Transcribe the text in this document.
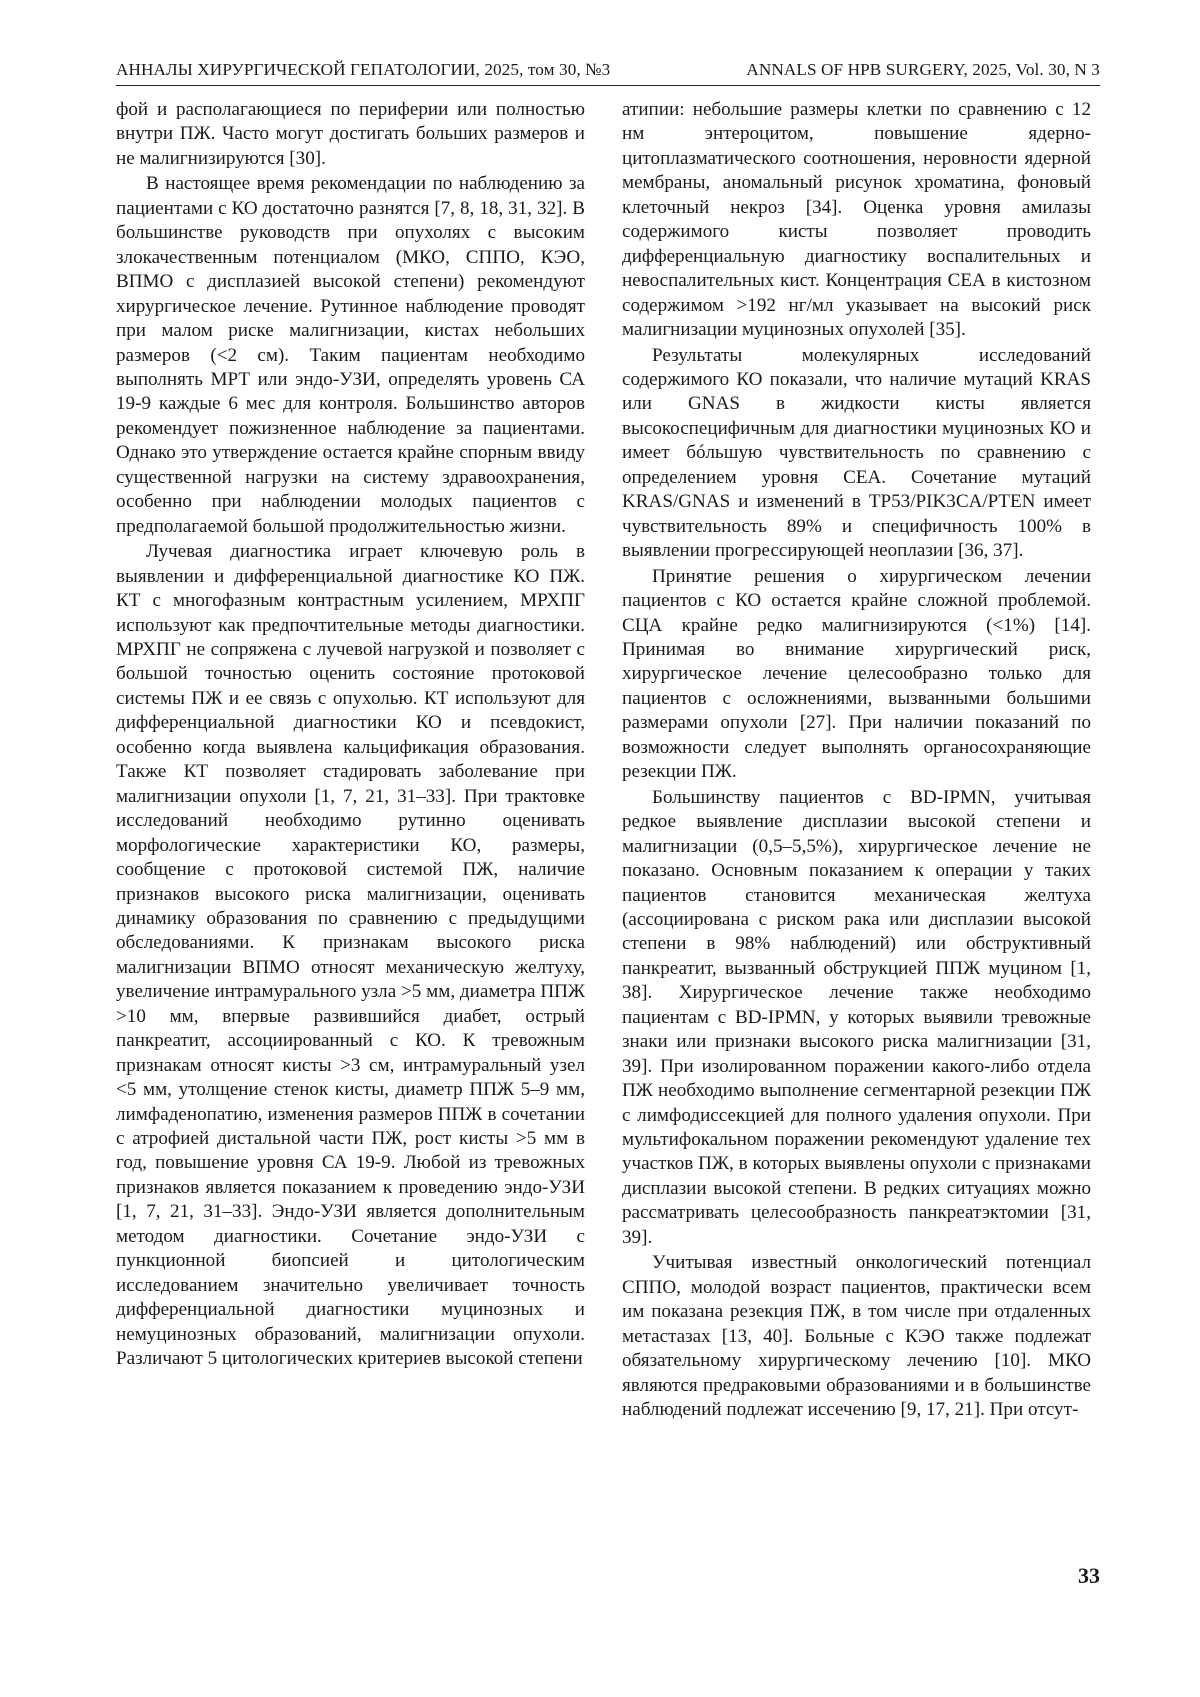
АННАЛЫ ХИРУРГИЧЕСКОЙ ГЕПАТОЛОГИИ, 2025, том 30, №3	ANNALS OF HPB SURGERY, 2025, Vol. 30, N 3

фой и располагающиеся по периферии или полностью внутри ПЖ. Часто могут достигать больших размеров и не малигнизируются [30].

В настоящее время рекомендации по наблюдению за пациентами с КО достаточно разнятся [7, 8, 18, 31, 32]. В большинстве руководств при опухолях с высоким злокачественным потенциалом (МКО, СППО, КЭО, ВПМО с дисплазией высокой степени) рекомендуют хирургическое лечение. Рутинное наблюдение проводят при малом риске малигнизации, кистах небольших размеров (<2 см). Таким пациентам необходимо выполнять МРТ или эндо-УЗИ, определять уровень СА 19-9 каждые 6 мес для контроля. Большинство авторов рекомендует пожизненное наблюдение за пациентами. Однако это утверждение остается крайне спорным ввиду существенной нагрузки на систему здравоохранения, особенно при наблюдении молодых пациентов с предполагаемой большой продолжительностью жизни.

Лучевая диагностика играет ключевую роль в выявлении и дифференциальной диагностике КО ПЖ. КТ с многофазным контрастным усилением, МРХПГ используют как предпочтительные методы диагностики. МРХПГ не сопряжена с лучевой нагрузкой и позволяет с большой точностью оценить состояние протоковой системы ПЖ и ее связь с опухолью. КТ используют для дифференциальной диагностики КО и псевдокист, особенно когда выявлена кальцификация образования. Также КТ позволяет стадировать заболевание при малигнизации опухоли [1, 7, 21, 31–33]. При трактовке исследований необходимо рутинно оценивать морфологические характеристики КО, размеры, сообщение с протоковой системой ПЖ, наличие признаков высокого риска малигнизации, оценивать динамику образования по сравнению с предыдущими обследованиями. К признакам высокого риска малигнизации ВПМО относят механическую желтуху, увеличение интрамурального узла >5 мм, диаметра ППЖ >10 мм, впервые развившийся диабет, острый панкреатит, ассоциированный с КО. К тревожным признакам относят кисты >3 см, интрамуральный узел <5 мм, утолщение стенок кисты, диаметр ППЖ 5–9 мм, лимфаденопатию, изменения размеров ППЖ в сочетании с атрофией дистальной части ПЖ, рост кисты >5 мм в год, повышение уровня СА 19-9. Любой из тревожных признаков является показанием к проведению эндо-УЗИ [1, 7, 21, 31–33]. Эндо-УЗИ является дополнительным методом диагностики. Сочетание эндо-УЗИ с пункционной биопсией и цитологическим исследованием значительно увеличивает точность дифференциальной диагностики муцинозных и немуцинозных образований, малигнизации опухоли. Различают 5 цитологических критериев высокой степени

атипии: небольшие размеры клетки по сравнению с 12 нм энтероцитом, повышение ядерно-цитоплазматического соотношения, неровности ядерной мембраны, аномальный рисунок хроматина, фоновый клеточный некроз [34]. Оценка уровня амилазы содержимого кисты позволяет проводить дифференциальную диагностику воспалительных и невоспалительных кист. Концентрация СЕА в кистозном содержимом >192 нг/мл указывает на высокий риск малигнизации муцинозных опухолей [35].

Результаты молекулярных исследований содержимого КО показали, что наличие мутаций KRAS или GNAS в жидкости кисты является высокоспецифичным для диагностики муцинозных КО и имеет бóльшую чувствительность по сравнению с определением уровня СЕА. Сочетание мутаций KRAS/GNAS и изменений в TP53/PIK3CA/PTEN имеет чувствительность 89% и специфичность 100% в выявлении прогрессирующей неоплазии [36, 37].

Принятие решения о хирургическом лечении пациентов с КО остается крайне сложной проблемой. СЦА крайне редко малигнизируются (<1%) [14]. Принимая во внимание хирургический риск, хирургическое лечение целесообразно только для пациентов с осложнениями, вызванными большими размерами опухоли [27]. При наличии показаний по возможности следует выполнять органосохраняющие резекции ПЖ.

Большинству пациентов с BD-IPMN, учитывая редкое выявление дисплазии высокой степени и малигнизации (0,5–5,5%), хирургическое лечение не показано. Основным показанием к операции у таких пациентов становится механическая желтуха (ассоциирована с риском рака или дисплазии высокой степени в 98% наблюдений) или обструктивный панкреатит, вызванный обструкцией ППЖ муцином [1, 38]. Хирургическое лечение также необходимо пациентам с BD-IPMN, у которых выявили тревожные знаки или признаки высокого риска малигнизации [31, 39]. При изолированном поражении какого-либо отдела ПЖ необходимо выполнение сегментарной резекции ПЖ с лимфодиссекцией для полного удаления опухоли. При мультифокальном поражении рекомендуют удаление тех участков ПЖ, в которых выявлены опухоли с признаками дисплазии высокой степени. В редких ситуациях можно рассматривать целесообразность панкреатэктомии [31, 39].

Учитывая известный онкологический потенциал СППО, молодой возраст пациентов, практически всем им показана резекция ПЖ, в том числе при отдаленных метастазах [13, 40]. Больные с КЭО также подлежат обязательному хирургическому лечению [10]. МКО являются предраковыми образованиями и в большинстве наблюдений подлежат иссечению [9, 17, 21]. При отсут-

33
